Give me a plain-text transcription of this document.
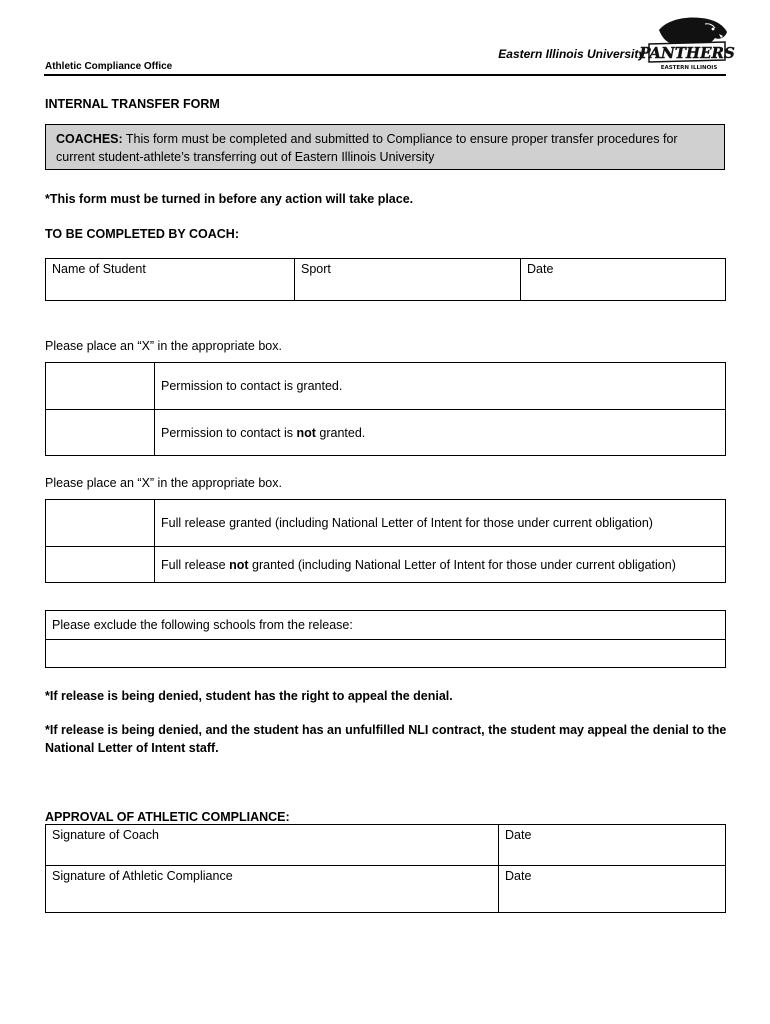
Athletic Compliance Office
Eastern Illinois University
PANTHERS
EASTERN ILLINOIS
INTERNAL TRANSFER FORM
COACHES: This form must be completed and submitted to Compliance to ensure proper transfer procedures for current student-athlete’s transferring out of Eastern Illinois University
*This form must be turned in before any action will take place.
TO BE COMPLETED BY COACH:
Name of Student	Sport	Date
Please place an “X” in the appropriate box.
	Permission to contact is granted.
	Permission to contact is not granted.
Please place an “X” in the appropriate box.
	Full release granted (including National Letter of Intent for those under current obligation)
	Full release not granted (including National Letter of Intent for those under current obligation)
Please exclude the following schools from the release:

*If release is being denied, student has the right to appeal the denial.
*If release is being denied, and the student has an unfulfilled NLI contract, the student may appeal the denial to the National Letter of Intent staff.
APPROVAL OF ATHLETIC COMPLIANCE:
Signature of Coach	Date
Signature of Athletic Compliance	Date
